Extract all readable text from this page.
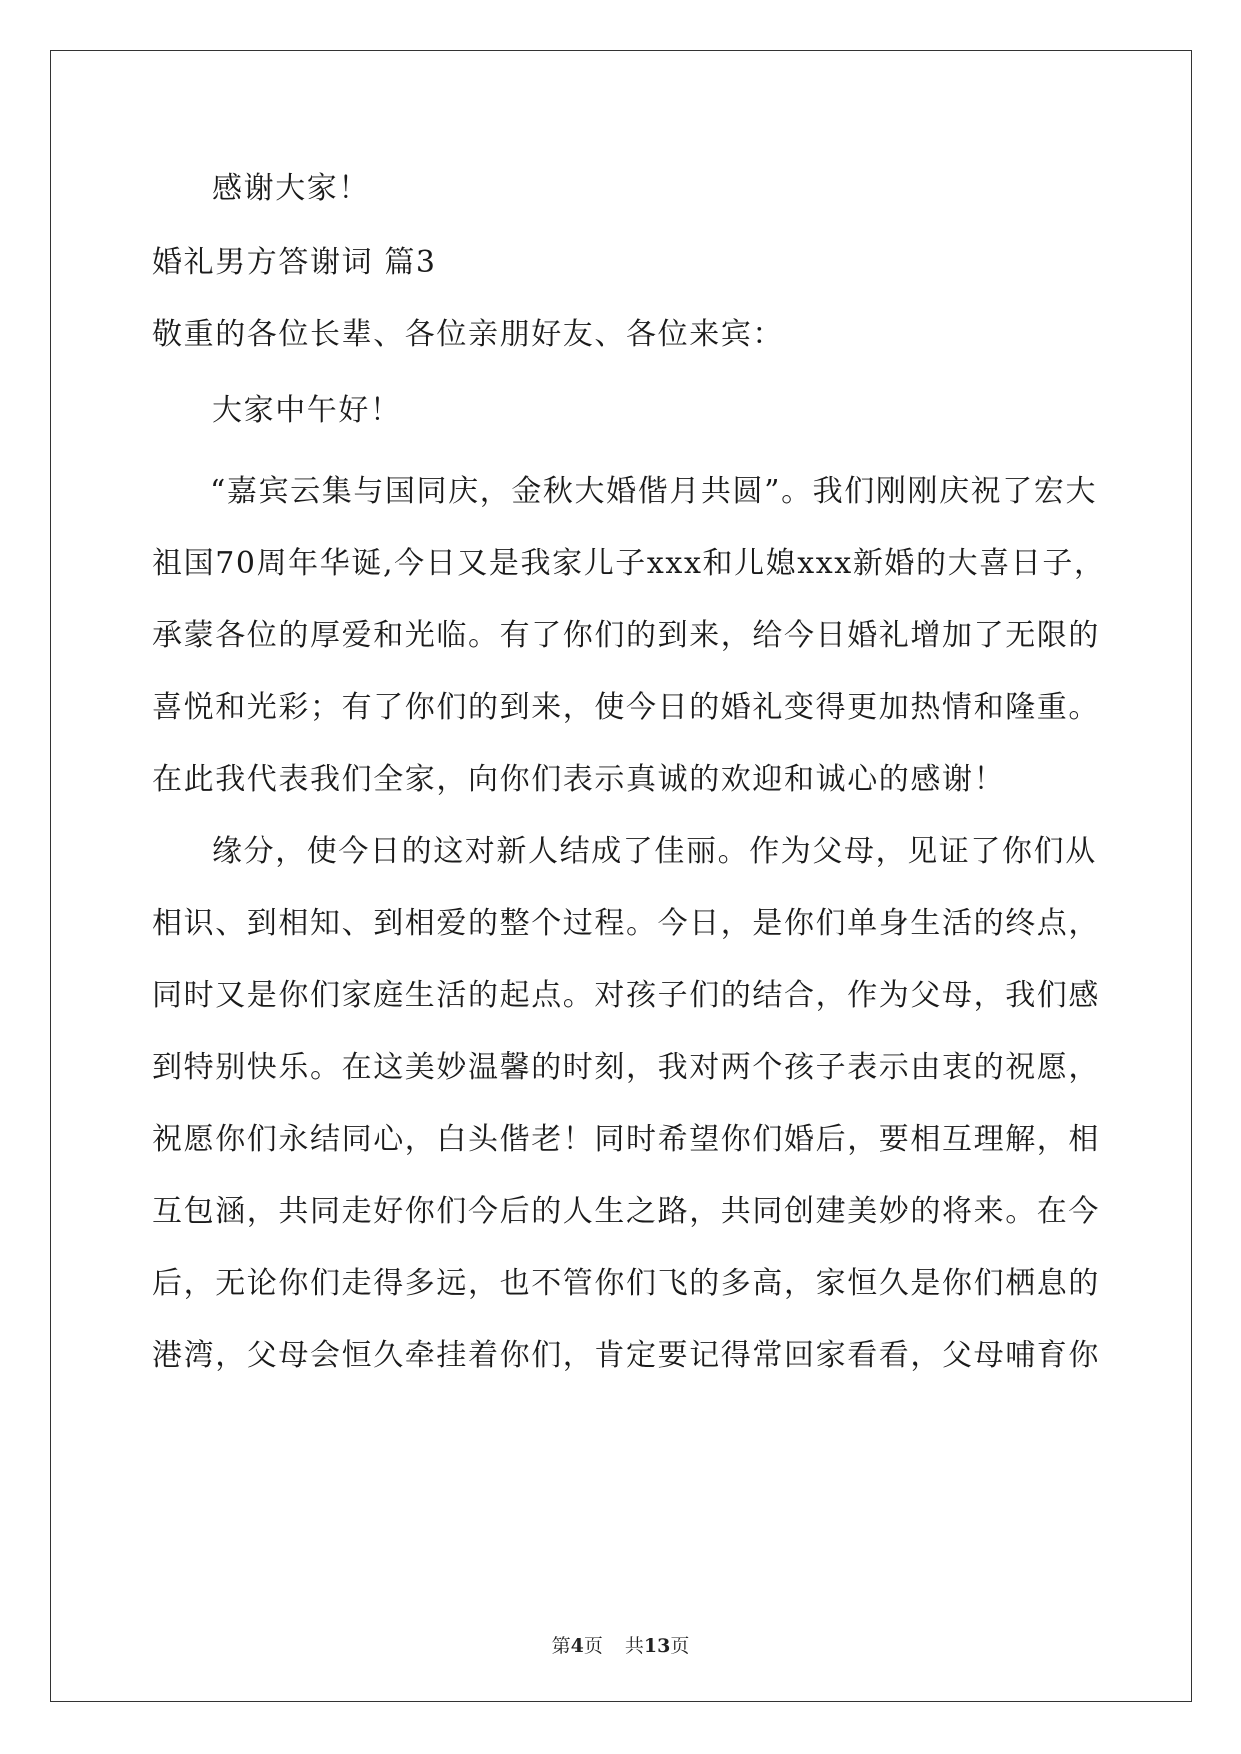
感谢大家！
婚礼男方答谢词 篇3
敬重的各位长辈、各位亲朋好友、各位来宾：
大家中午好！
“嘉宾云集与国同庆，金秋大婚偕月共圆”。我们刚刚庆祝了宏大
祖国70周年华诞,今日又是我家儿子xxx和儿媳xxx新婚的大喜日子，
承蒙各位的厚爱和光临。有了你们的到来，给今日婚礼增加了无限的
喜悦和光彩；有了你们的到来，使今日的婚礼变得更加热情和隆重。
在此我代表我们全家，向你们表示真诚的欢迎和诚心的感谢！
缘分，使今日的这对新人结成了佳丽。作为父母，见证了你们从
相识、到相知、到相爱的整个过程。今日，是你们单身生活的终点，
同时又是你们家庭生活的起点。对孩子们的结合，作为父母，我们感
到特别快乐。在这美妙温馨的时刻，我对两个孩子表示由衷的祝愿，
祝愿你们永结同心，白头偕老！同时希望你们婚后，要相互理解，相
互包涵，共同走好你们今后的人生之路，共同创建美妙的将来。在今
后，无论你们走得多远，也不管你们飞的多高，家恒久是你们栖息的
港湾，父母会恒久牵挂着你们，肯定要记得常回家看看，父母哺育你
第4页 共13页
